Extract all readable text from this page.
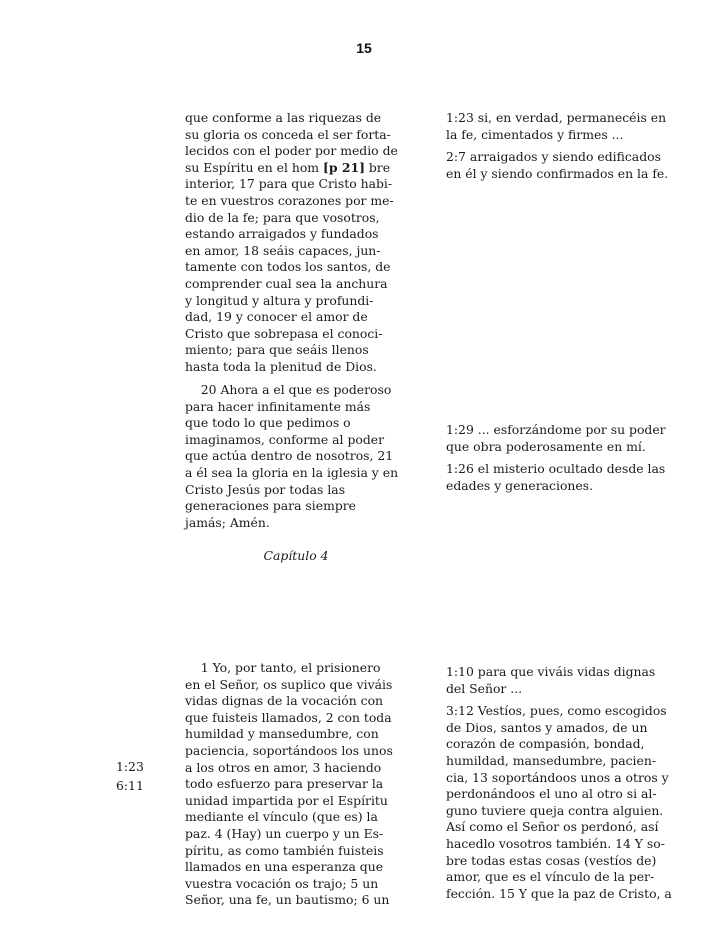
15
que conforme a las riquezas de
su gloria os conceda el ser forta-
lecidos con el poder por medio de
su Espíritu en el hom [p 21] bre
interior, 17 para que Cristo habi-
te en vuestros corazones por me-
dio de la fe; para que vosotros,
estando arraigados y fundados
en amor, 18 seáis capaces, jun-
tamente con todos los santos, de
comprender cual sea la anchura
y longitud y altura y profundi-
dad, 19 y conocer el amor de
Cristo que sobrepasa el conoci-
miento; para que seáis llenos
hasta toda la plenitud de Dios.
20 Ahora a el que es poderoso
para hacer infinitamente más
que todo lo que pedimos o
imaginamos, conforme al poder
que actúa dentro de nosotros, 21
a él sea la gloria en la iglesia y en
Cristo Jesús por todas las
generaciones para siempre
jamás; Amén.
Capítulo 4
1 Yo, por tanto, el prisionero
en el Señor, os suplico que viváis
vidas dignas de la vocación con
que fuisteis llamados, 2 con toda
humildad y mansedumbre, con
paciencia, soportándoos los unos
a los otros en amor, 3 haciendo
todo esfuerzo para preservar la
unidad impartida por el Espíritu
mediante el vínculo (que es) la
paz. 4 (Hay) un cuerpo y un Es-
píritu, as como también fuisteis
llamados en una esperanza que
vuestra vocación os trajo; 5 un
Señor, una fe, un bautismo; 6 un
1:23
6:11
1:23 si, en verdad, permanecéis en
la fe, cimentados y firmes ...
2:7 arraigados y siendo edificados
en él y siendo confirmados en la fe.
1:29 ... esforzándome por su poder
que obra poderosamente en mí.
1:26 el misterio ocultado desde las
edades y generaciones.
1:10 para que viváis vidas dignas
del Señor ...
3:12 Vestíos, pues, como escogidos
de Dios, santos y amados, de un
corazón de compasión, bondad,
humildad, mansedumbre, pacien-
cia, 13 soportándoos unos a otros y
perdonándoos el uno al otro si al-
guno tuviere queja contra alguien.
Así como el Señor os perdonó, así
hacedlo vosotros también. 14 Y so-
bre todas estas cosas (vestíos de)
amor, que es el vínculo de la per-
fección. 15 Y que la paz de Cristo, a
